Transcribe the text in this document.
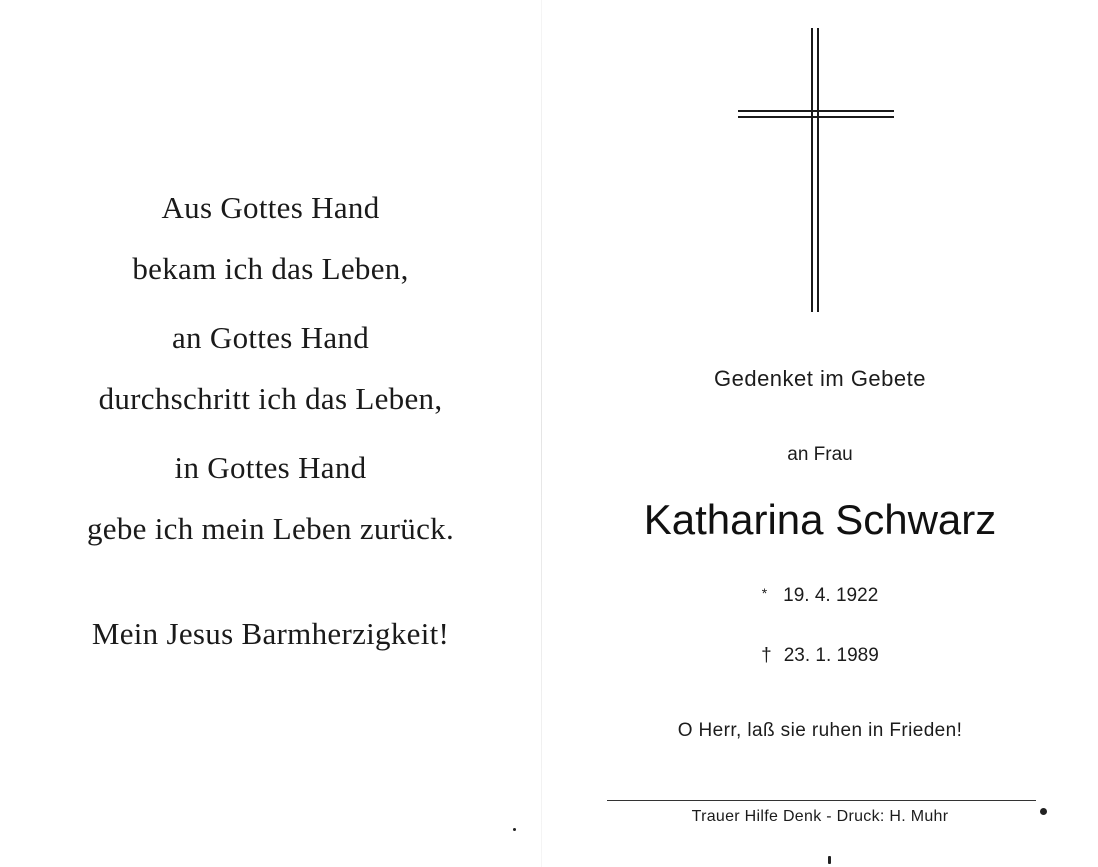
Aus Gottes Hand
bekam ich das Leben,
an Gottes Hand
durchschritt ich das Leben,
in Gottes Hand
gebe ich mein Leben zurück.
Mein Jesus Barmherzigkeit!
Gedenket im Gebete
an Frau
Katharina Schwarz
* 19. 4. 1922
† 23. 1. 1989
O Herr, laß sie ruhen in Frieden!
Trauer Hilfe Denk - Druck: H. Muhr
